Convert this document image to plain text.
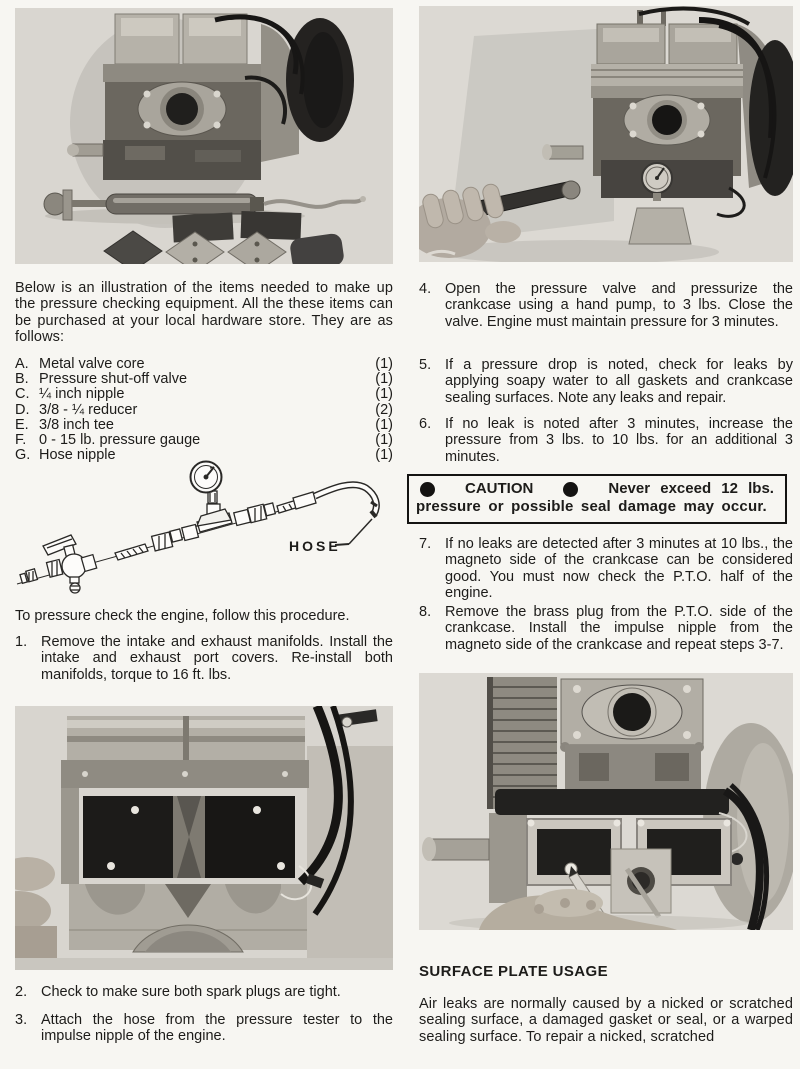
Below is an illustration of the items needed to make up the pressure checking equipment. All the these items can be purchased at your local hardware store. They are as follows:
A. Metal valve core	(1)
B. Pressure shut-off valve	(1)
C. ¼ inch nipple	(1)
D. 3/8 - ¼ reducer	(2)
E. 3/8 inch tee	(1)
F. 0 - 15 lb. pressure gauge	(1)
G. Hose nipple	(1)
HOSE
To pressure check the engine, follow this procedure.
1. Remove the intake and exhaust manifolds. Install the intake and exhaust port covers. Re-install both manifolds, torque to 16 ft. lbs.
2. Check to make sure both spark plugs are tight.
3. Attach the hose from the pressure tester to the impulse nipple of the engine.
4. Open the pressure valve and pressurize the crankcase using a hand pump, to 3 lbs. Close the valve. Engine must maintain pressure for 3 minutes.
5. If a pressure drop is noted, check for leaks by applying soapy water to all gaskets and crankcase sealing surfaces. Note any leaks and repair.
6. If no leak is noted after 3 minutes, increase the pressure from 3 lbs. to 10 lbs. for an additional 3 minutes.
CAUTION	Never exceed 12 lbs.
pressure or possible seal damage may occur.
7. If no leaks are detected after 3 minutes at 10 lbs., the magneto side of the crankcase can be considered good. You must now check the P.T.O. half of the engine.
8. Remove the brass plug from the P.T.O. side of the crankcase. Install the impulse nipple from the magneto side of the crankcase and repeat steps 3-7.
SURFACE PLATE USAGE
Air leaks are normally caused by a nicked or scratched sealing surface, a damaged gasket or seal, or a warped sealing surface. To repair a nicked, scratched
